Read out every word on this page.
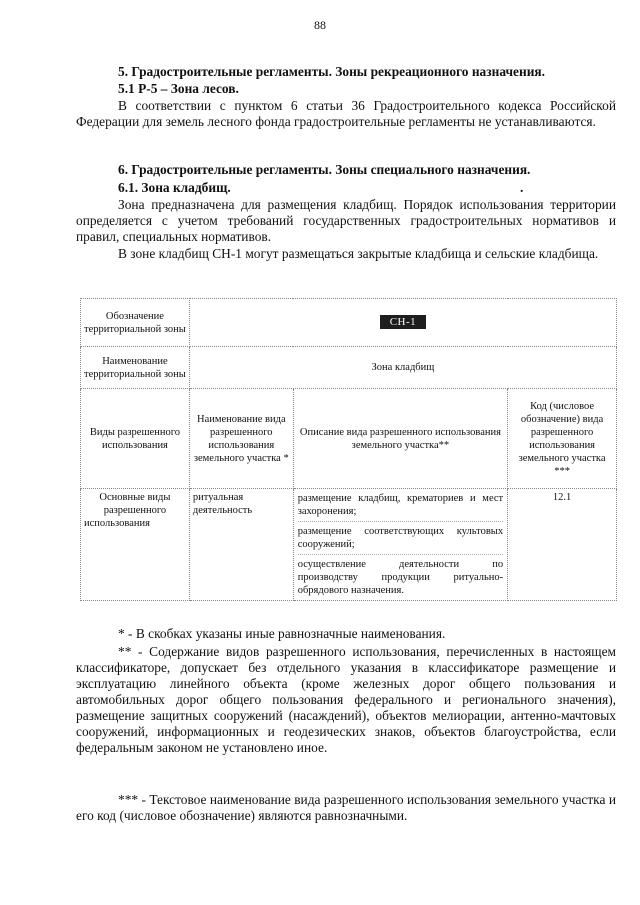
88
5. Градостроительные регламенты. Зоны рекреационного назначения.
5.1 Р-5 – Зона лесов.
В соответствии с пунктом 6 статьи 36 Градостроительного кодекса Российской Федерации для земель лесного фонда градостроительные регламенты не устанавливаются.
6. Градостроительные регламенты. Зоны специального назначения.
6.1. Зона кладбищ.	.
Зона предназначена для размещения кладбищ. Порядок использования территории определяется с учетом требований государственных градостроительных нормативов и правил, специальных нормативов.
В зоне кладбищ СН-1 могут размещаться закрытые кладбища и сельские кладбища.
Обозначение территориальной зоны	СН-1		
Наименование территориальной зоны	Зона кладбищ		
Виды разрешенного использования	Наименование вида разрешенного использования земельного участка *	Описание вида разрешенного использования земельного участка**	Код (числовое обозначение) вида разрешенного использования земельного участка ***
Основные виды разрешенного использования	ритуальная деятельность	размещение кладбищ, крематориев и мест захоронения;
размещение соответствующих культовых сооружений;
осуществление деятельности по производству продукции ритуально-обрядового назначения.	12.1
* - В скобках указаны иные равнозначные наименования.
** - Содержание видов разрешенного использования, перечисленных в настоящем классификаторе, допускает без отдельного указания в классификаторе размещение и эксплуатацию линейного объекта (кроме железных дорог общего пользования и автомобильных дорог общего пользования федерального и регионального значения), размещение защитных сооружений (насаждений), объектов мелиорации, антенно-мачтовых сооружений, информационных и геодезических знаков, объектов благоустройства, если федеральным законом не установлено иное.
*** - Текстовое наименование вида разрешенного использования земельного участка и его код (числовое обозначение) являются равнозначными.
